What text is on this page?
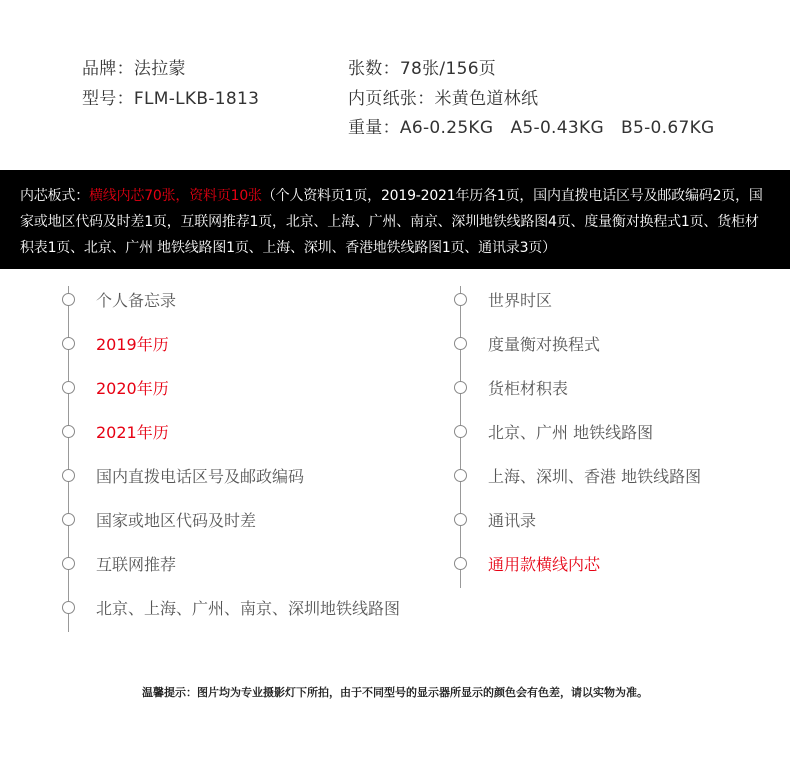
品牌：法拉蒙
型号：FLM-LKB-1813
张数：78张/156页
内页纸张：米黄色道林纸
重量：A6-0.25KG   A5-0.43KG   B5-0.67KG
内芯板式：横线内芯70张，资料页10张（个人资料页1页，2019-2021年历各1页，国内直拨电话区号及邮政编码2页，国家或地区代码及时差1页，互联网推荐1页，北京、上海、广州、南京、深圳地铁线路图4页、度量衡对换程式1页、货柜材积表1页、北京、广州 地铁线路图1页、上海、深圳、香港地铁线路图1页、通讯录3页）
个人备忘录
2019年历
2020年历
2021年历
国内直拨电话区号及邮政编码
国家或地区代码及时差
互联网推荐
北京、上海、广州、南京、深圳地铁线路图
世界时区
度量衡对换程式
货柜材积表
北京、广州 地铁线路图
上海、深圳、香港 地铁线路图
通讯录
通用款横线内芯
温馨提示：图片均为专业摄影灯下所拍，由于不同型号的显示器所显示的颜色会有色差，请以实物为准。
